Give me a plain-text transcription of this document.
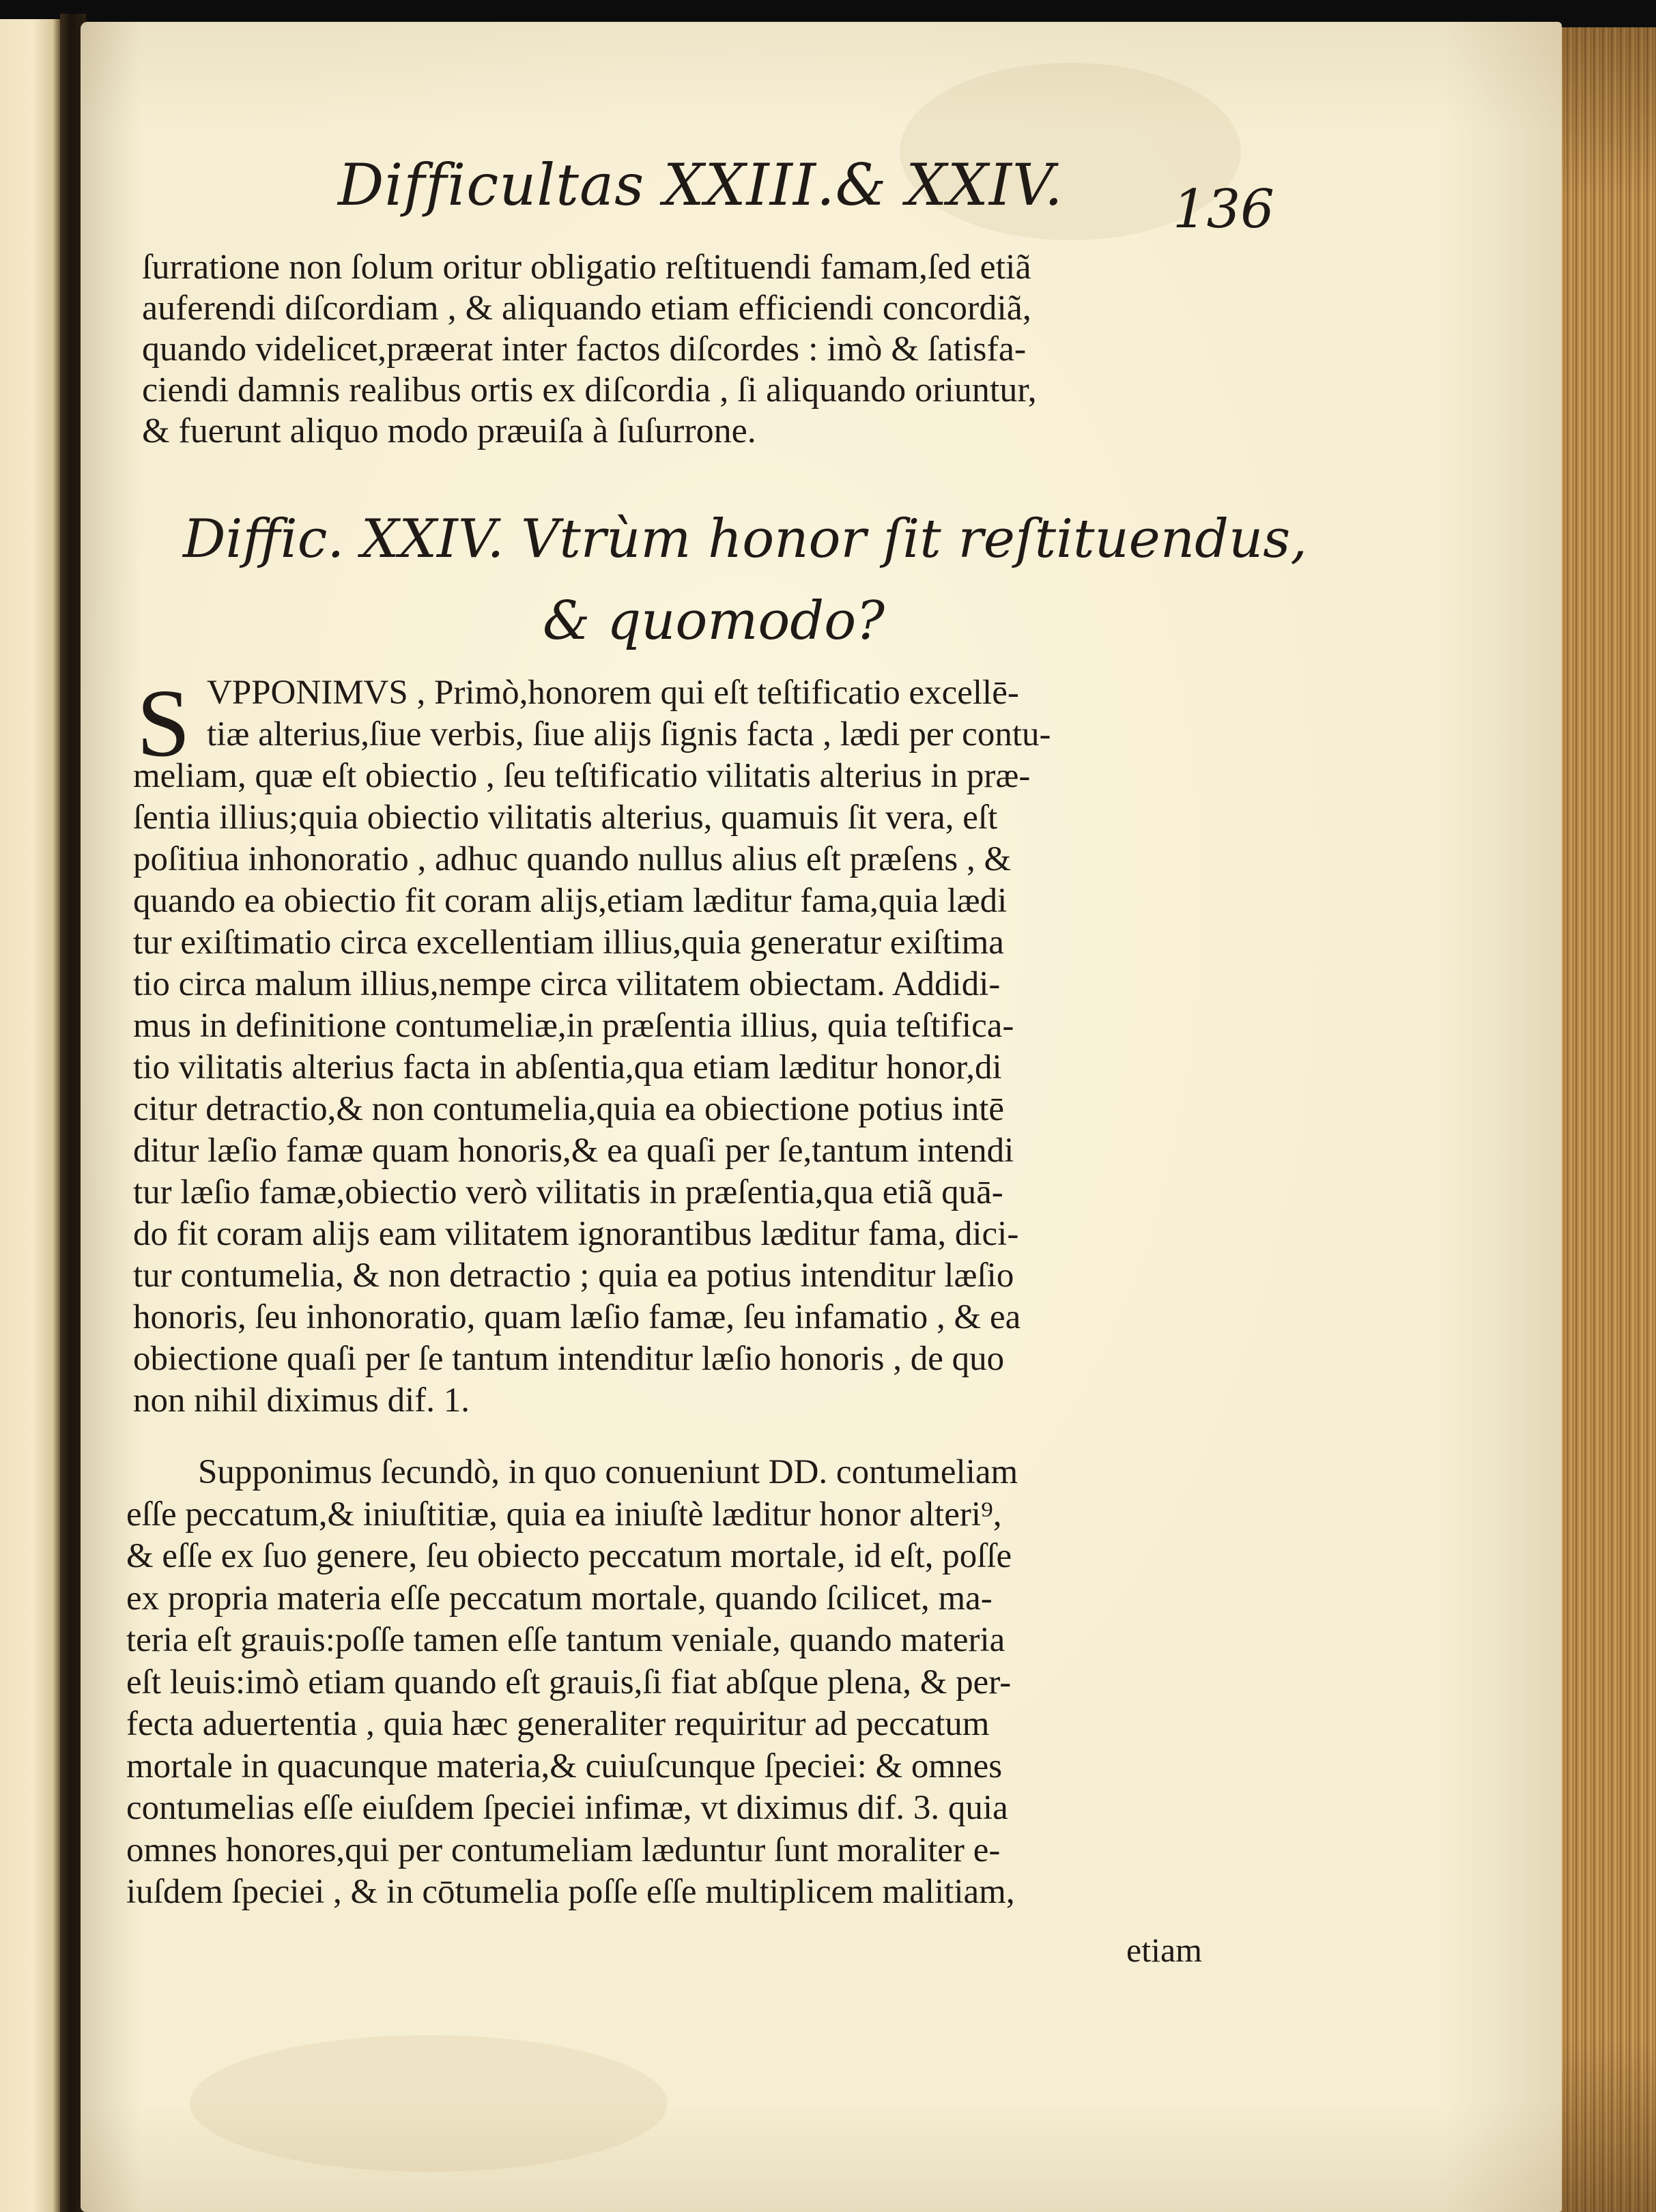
Difficultas XXIII.& XXIV. 136
ſurratione non ſolum oritur obligatio reſtituendi famam,ſed etiã
auferendi diſcordiam , & aliquando etiam efficiendi concordiã,
quando videlicet,præerat inter factos diſcordes : imò & ſatisfa-
ciendi damnis realibus ortis ex diſcordia , ſi aliquando oriuntur,
& fuerunt aliquo modo præuiſa à ſuſurrone.
Diffic. XXIV. Vtrùm honor ſit reſtituendus,
& quomodo?
S VPPONIMVS , Primò,honorem qui eſt teſtificatio excellē-
tiæ alterius,ſiue verbis, ſiue alijs ſignis facta , lædi per contu-
meliam, quæ eſt obiectio , ſeu teſtificatio vilitatis alterius in præ-
ſentia illius;quia obiectio vilitatis alterius, quamuis ſit vera, eſt
poſitiua inhonoratio , adhuc quando nullus alius eſt præſens , &
quando ea obiectio fit coram alijs,etiam læditur fama,quia lædi
tur exiſtimatio circa excellentiam illius,quia generatur exiſtima
tio circa malum illius,nempe circa vilitatem obiectam. Addidi-
mus in definitione contumeliæ,in præſentia illius, quia teſtifica-
tio vilitatis alterius facta in abſentia,qua etiam læditur honor,di
citur detractio,& non contumelia,quia ea obiectione potius intē
ditur læſio famæ quam honoris,& ea quaſi per ſe,tantum intendi
tur læſio famæ,obiectio verò vilitatis in præſentia,qua etiã quā-
do fit coram alijs eam vilitatem ignorantibus læditur fama, dici-
tur contumelia, & non detractio ; quia ea potius intenditur læſio
honoris, ſeu inhonoratio, quam læſio famæ, ſeu infamatio , & ea
obiectione quaſi per ſe tantum intenditur læſio honoris , de quo
non nihil diximus dif. 1.
Supponimus ſecundò, in quo conueniunt DD. contumeliam
eſſe peccatum,& iniuſtitiæ, quia ea iniuſtè læditur honor alteri⁹,
& eſſe ex ſuo genere, ſeu obiecto peccatum mortale, id eſt, poſſe
ex propria materia eſſe peccatum mortale, quando ſcilicet, ma-
teria eſt grauis:poſſe tamen eſſe tantum veniale, quando materia
eſt leuis:imò etiam quando eſt grauis,ſi fiat abſque plena, & per-
fecta aduertentia , quia hæc generaliter requiritur ad peccatum
mortale in quacunque materia,& cuiuſcunque ſpeciei: & omnes
contumelias eſſe eiuſdem ſpeciei infimæ, vt diximus dif. 3. quia
omnes honores,qui per contumeliam læduntur ſunt moraliter e-
iuſdem ſpeciei , & in cōtumelia poſſe eſſe multiplicem malitiam,
etiam
